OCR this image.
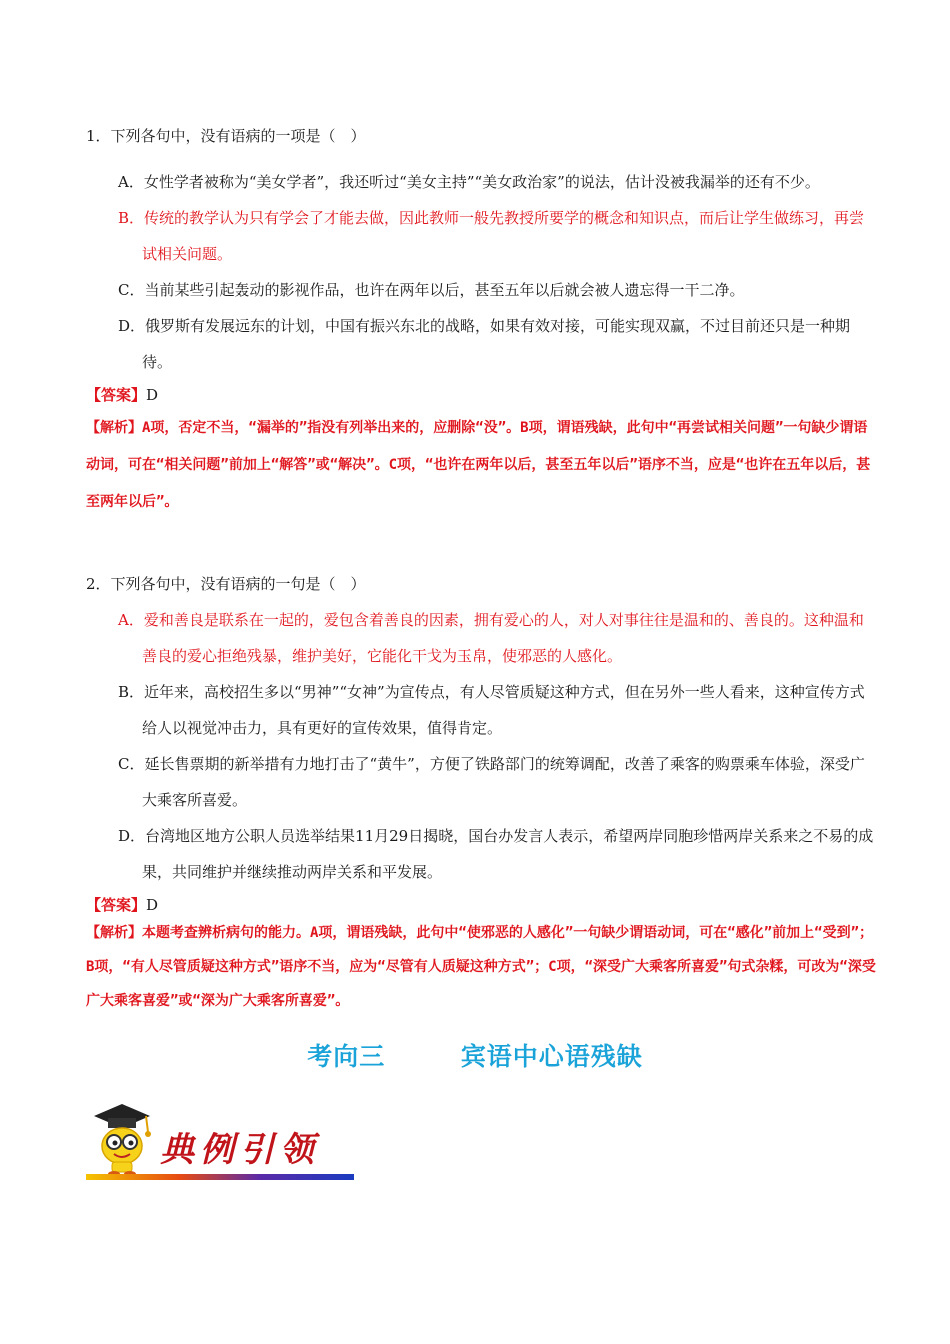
1．下列各句中，没有语病的一项是（　）

A．女性学者被称为“美女学者”，我还听过“美女主持”“美女政治家”的说法，估计没被我漏举的还有不少。

B．传统的教学认为只有学会了才能去做，因此教师一般先教授所要学的概念和知识点，而后让学生做练习，再尝试相关问题。

C．当前某些引起轰动的影视作品，也许在两年以后，甚至五年以后就会被人遗忘得一干二净。

D．俄罗斯有发展远东的计划，中国有振兴东北的战略，如果有效对接，可能实现双赢，不过目前还只是一种期待。

【答案】D

【解析】A项，否定不当，“漏举的”指没有列举出来的，应删除“没”。B项，谓语残缺，此句中“再尝试相关问题”一句缺少谓语动词，可在“相关问题”前加上“解答”或“解决”。C项，“也许在两年以后，甚至五年以后”语序不当，应是“也许在五年以后，甚至两年以后”。

2．下列各句中，没有语病的一句是（　）

A．爱和善良是联系在一起的，爱包含着善良的因素，拥有爱心的人，对人对事往往是温和的、善良的。这种温和善良的爱心拒绝残暴，维护美好，它能化干戈为玉帛，使邪恶的人感化。

B．近年来，高校招生多以“男神”“女神”为宣传点，有人尽管质疑这种方式，但在另外一些人看来，这种宣传方式给人以视觉冲击力，具有更好的宣传效果，值得肯定。

C．延长售票期的新举措有力地打击了“黄牛”，方便了铁路部门的统筹调配，改善了乘客的购票乘车体验，深受广大乘客所喜爱。

D．台湾地区地方公职人员选举结果11月29日揭晓，国台办发言人表示，希望两岸同胞珍惜两岸关系来之不易的成果，共同维护并继续推动两岸关系和平发展。

【答案】D

【解析】本题考查辨析病句的能力。A项，谓语残缺，此句中“使邪恶的人感化”一句缺少谓语动词，可在“感化”前加上“受到”；B项，“有人尽管质疑这种方式”语序不当，应为“尽管有人质疑这种方式”；C项，“深受广大乘客所喜爱”句式杂糅，可改为“深受广大乘客喜爱”或“深为广大乘客所喜爱”。

考向三	宾语中心语残缺
典例引领
